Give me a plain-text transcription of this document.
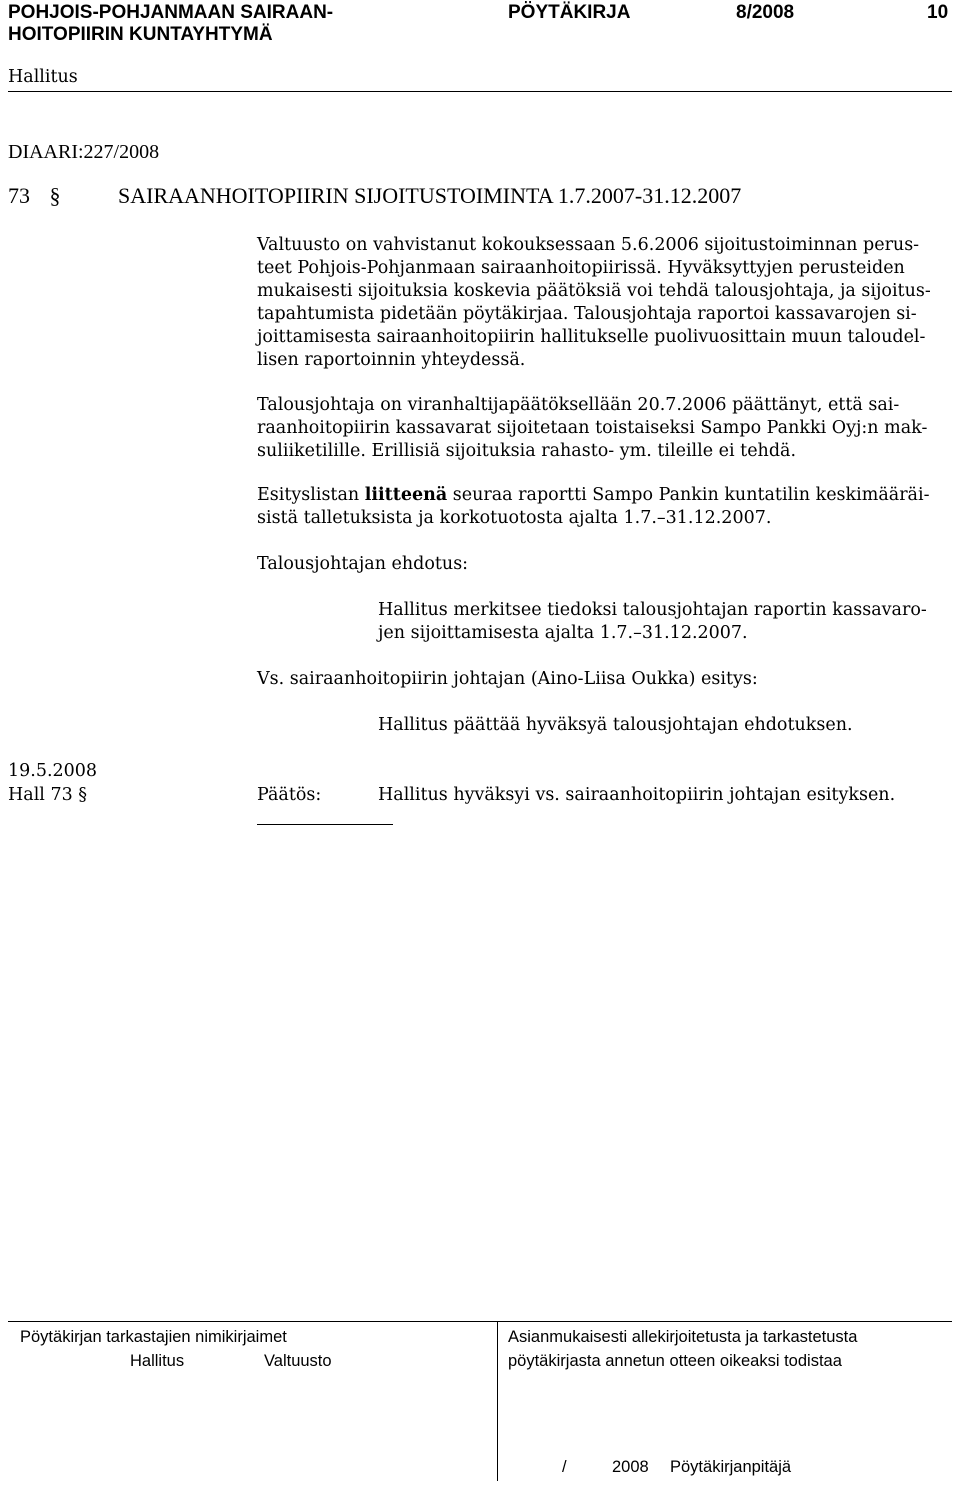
POHJOIS-POHJANMAAN SAIRAAN-
HOITOPIIRIN KUNTAYHTYMÄ
PÖYTÄKIRJA	8/2008	10
Hallitus
DIAARI:227/2008
73 §	SAIRAANHOITOPIIRIN SIJOITUSTOIMINTA 1.7.2007-31.12.2007
Valtuusto on vahvistanut kokouksessaan 5.6.2006 sijoitustoiminnan perus-
teet Pohjois-Pohjanmaan sairaanhoitopiirissä. Hyväksyttyjen perusteiden
mukaisesti sijoituksia koskevia päätöksiä voi tehdä talousjohtaja, ja sijoitus-
tapahtumista pidetään pöytäkirjaa. Talousjohtaja raportoi kassavarojen si-
joittamisesta sairaanhoitopiirin hallitukselle puolivuosittain muun taloudel-
lisen raportoinnin yhteydessä.
Talousjohtaja on viranhaltijapäätöksellään 20.7.2006 päättänyt, että sai-
raanhoitopiirin kassavarat sijoitetaan toistaiseksi Sampo Pankki Oyj:n mak-
suliiketilille. Erillisiä sijoituksia rahasto- ym. tileille ei tehdä.
Esityslistan liitteenä seuraa raportti Sampo Pankin kuntatilin keskimääräi-
sistä talletuksista ja korkotuotosta ajalta 1.7.–31.12.2007.
Talousjohtajan ehdotus:
Hallitus merkitsee tiedoksi talousjohtajan raportin kassavaro-
jen sijoittamisesta ajalta 1.7.–31.12.2007.
Vs. sairaanhoitopiirin johtajan (Aino-Liisa Oukka) esitys:
Hallitus päättää hyväksyä talousjohtajan ehdotuksen.
19.5.2008
Hall 73 §	Päätös:	Hallitus hyväksyi vs. sairaanhoitopiirin johtajan esityksen.
Pöytäkirjan tarkastajien nimikirjaimet
Hallitus	Valtuusto
Asianmukaisesti allekirjoitetusta ja tarkastetusta
pöytäkirjasta annetun otteen oikeaksi todistaa
/	2008 Pöytäkirjanpitäjä
